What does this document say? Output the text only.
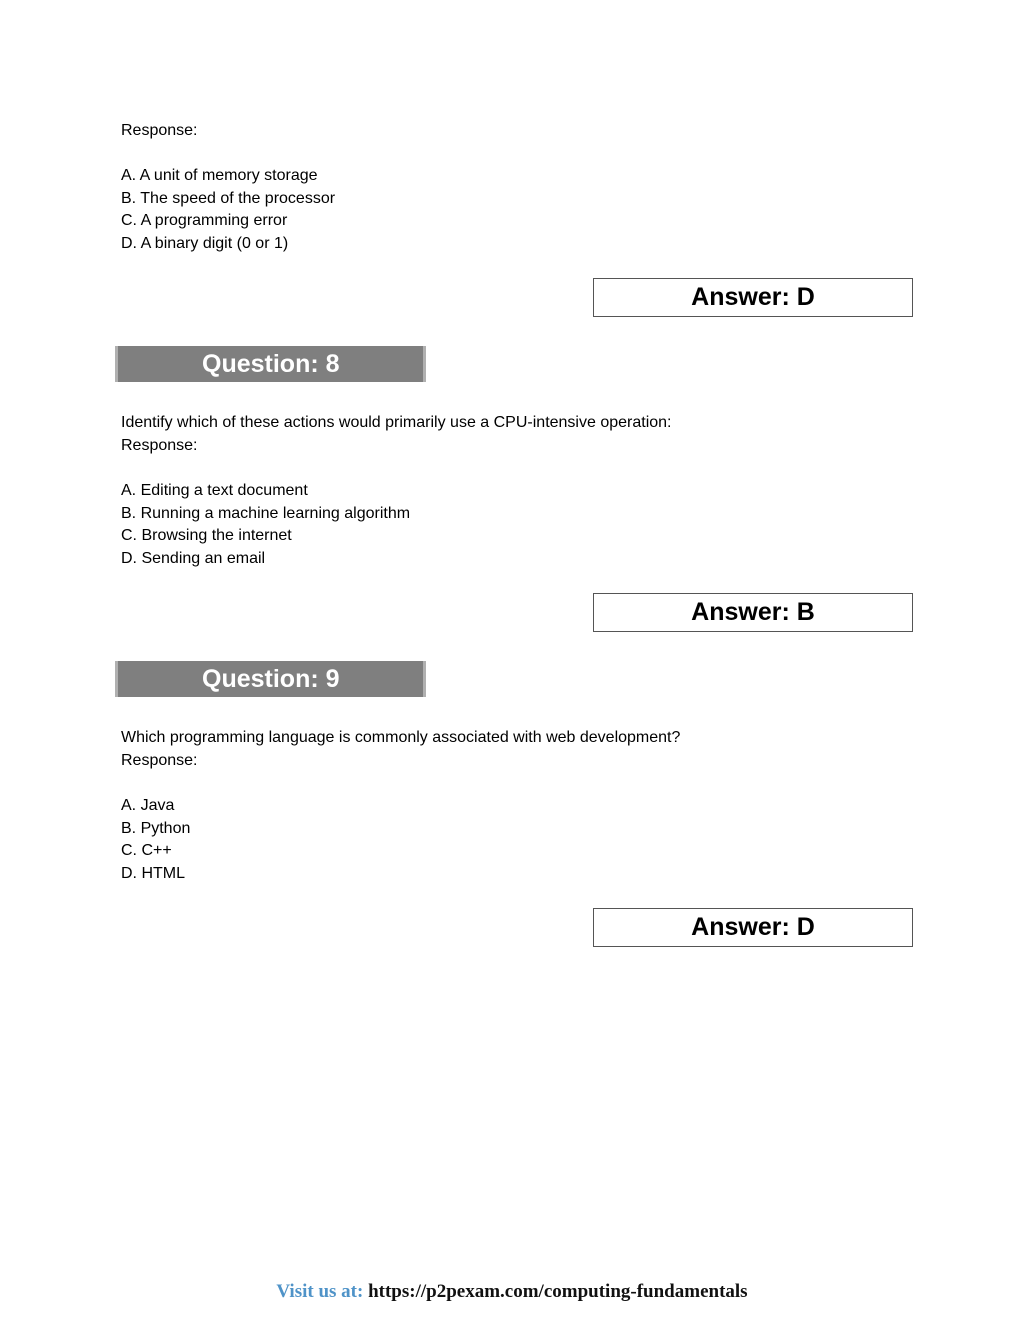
Response:
A. A unit of memory storage
B. The speed of the processor
C. A programming error
D. A binary digit (0 or 1)
Answer: D
Question: 8
Identify which of these actions would primarily use a CPU-intensive operation:
Response:
A. Editing a text document
B. Running a machine learning algorithm
C. Browsing the internet
D. Sending an email
Answer: B
Question: 9
Which programming language is commonly associated with web development?
Response:
A. Java
B. Python
C. C++
D. HTML
Answer: D
Visit us at: https://p2pexam.com/computing-fundamentals
